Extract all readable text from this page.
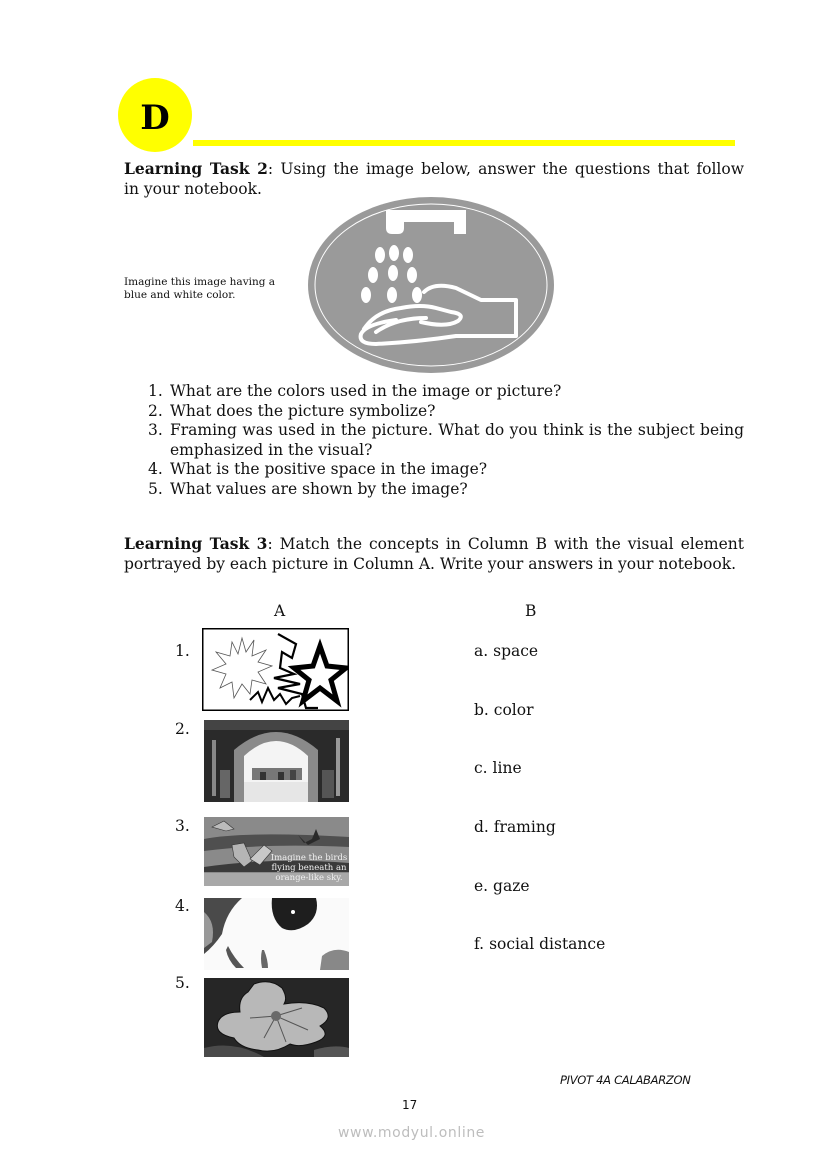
D
Learning Task 2: Using the image below, answer the questions that follow
in your notebook.
Imagine this image having a blue and white color.
1. What are the colors used in the image or picture?
2. What does the picture symbolize?
3. Framing was used in the picture. What do you think is the subject being emphasized in the visual?
4. What is the positive space in the image?
5. What values are shown by the image?
Learning Task 3: Match the concepts in Column B with the visual element portrayed by each picture in Column A. Write your answers in your notebook.
A	B
1.
2.
3.
4.
5.
Imagine the birds flying beneath an orange-like sky.
a. space
b. color
c. line
d. framing
e. gaze
f. social distance
PIVOT 4A CALABARZON
17
www.modyul.online
